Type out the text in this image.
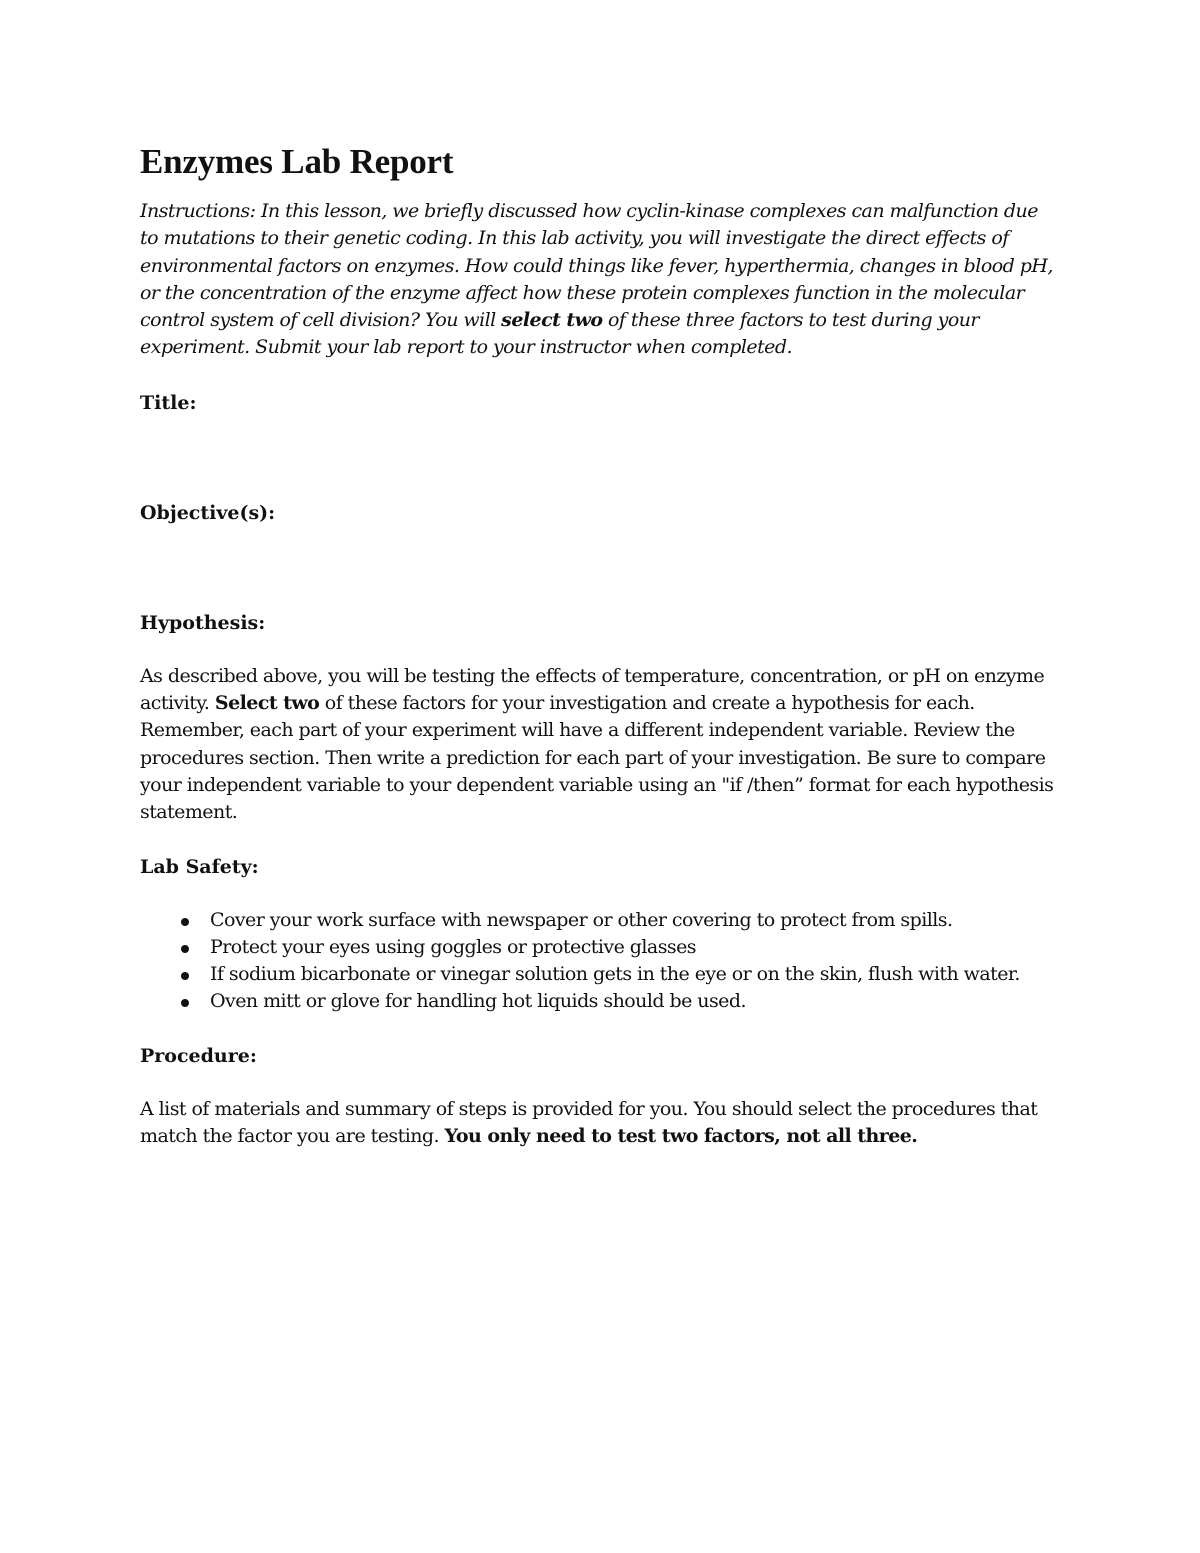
Enzymes Lab Report

Instructions: In this lesson, we briefly discussed how cyclin-kinase complexes can malfunction due to mutations to their genetic coding. In this lab activity, you will investigate the direct effects of environmental factors on enzymes. How could things like fever, hyperthermia, changes in blood pH, or the concentration of the enzyme affect how these protein complexes function in the molecular control system of cell division? You will select two of these three factors to test during your experiment. Submit your lab report to your instructor when completed.

Title:

Objective(s):

Hypothesis:

As described above, you will be testing the effects of temperature, concentration, or pH on enzyme activity. Select two of these factors for your investigation and create a hypothesis for each. Remember, each part of your experiment will have a different independent variable. Review the procedures section. Then write a prediction for each part of your investigation. Be sure to compare your independent variable to your dependent variable using an "if /then” format for each hypothesis statement.

Lab Safety:

Cover your work surface with newspaper or other covering to protect from spills.
Protect your eyes using goggles or protective glasses
If sodium bicarbonate or vinegar solution gets in the eye or on the skin, flush with water.
Oven mitt or glove for handling hot liquids should be used.

Procedure:

A list of materials and summary of steps is provided for you. You should select the procedures that match the factor you are testing. You only need to test two factors, not all three.
